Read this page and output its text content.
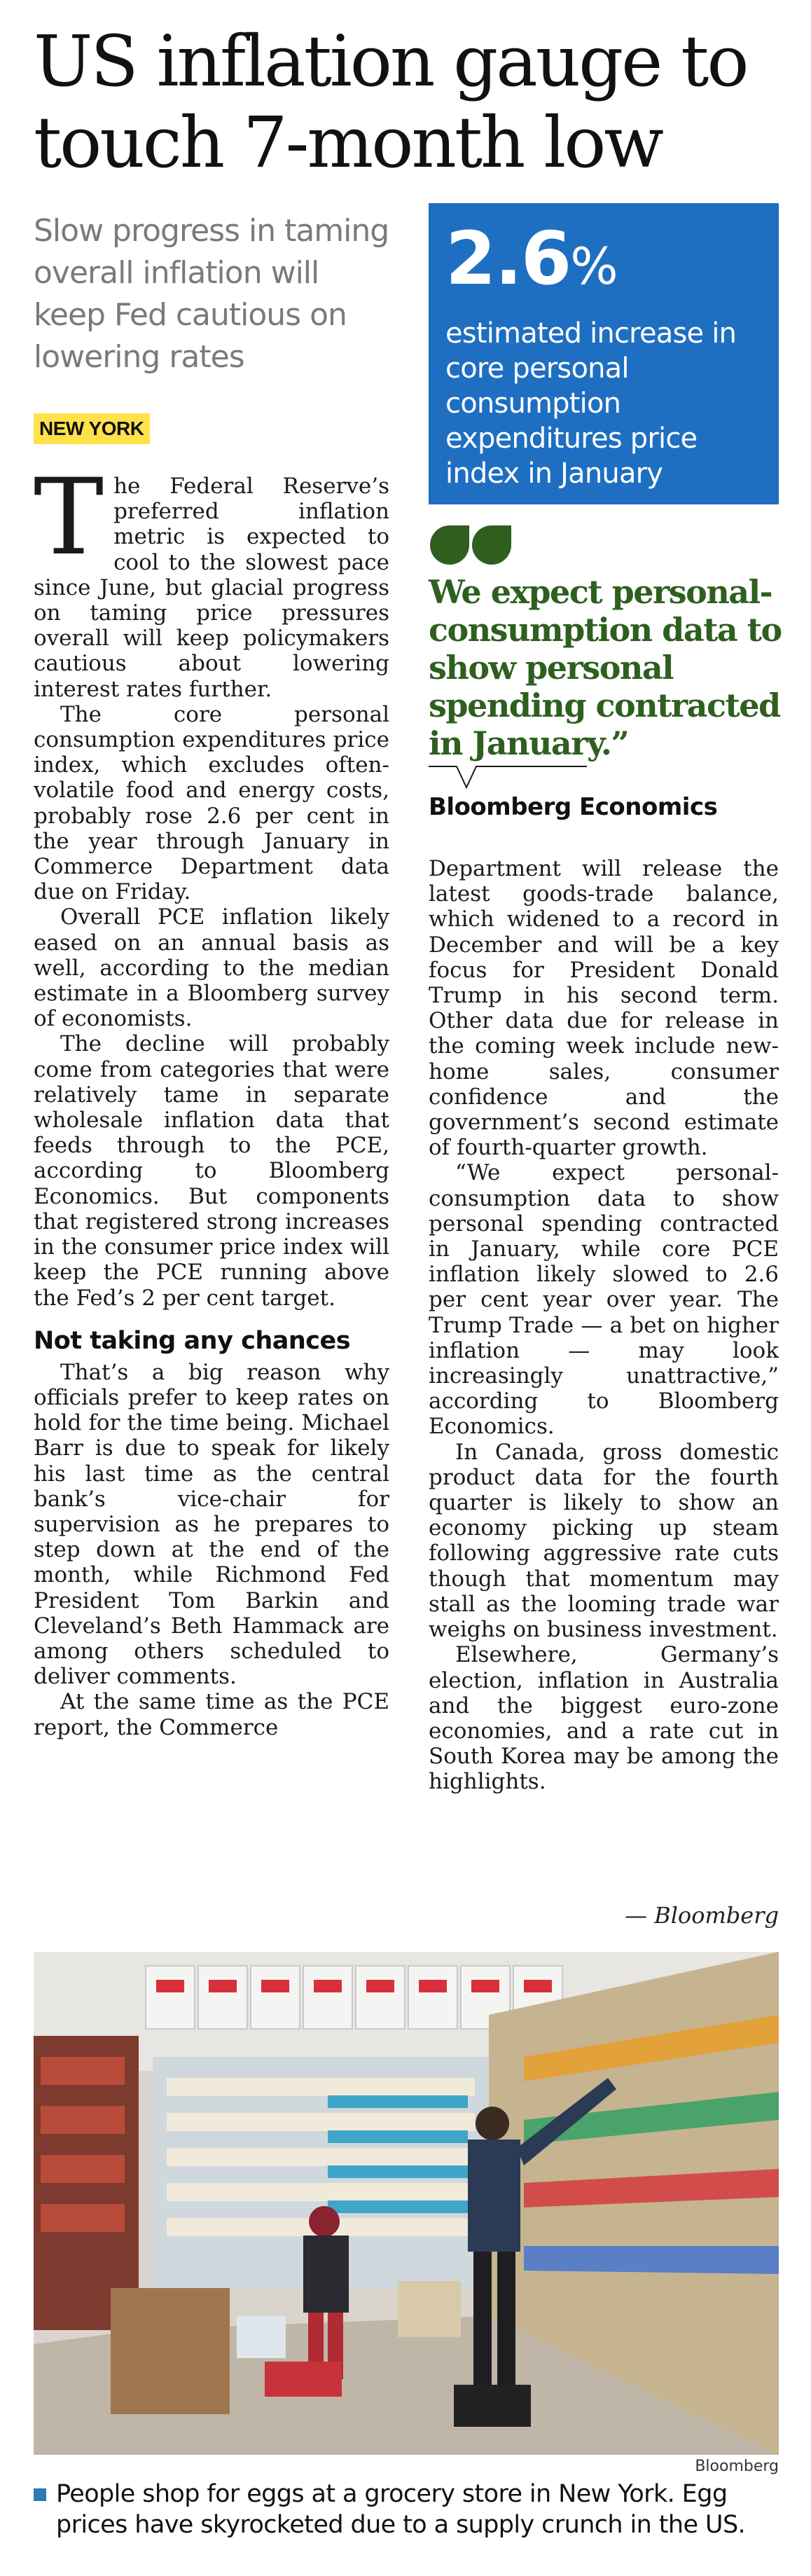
US inflation gauge to touch 7-month low

Slow progress in taming overall inflation will keep Fed cautious on lowering rates

NEW YORK
2.6%
estimated increase in core personal consumption expenditures price index in January

We expect personal-consumption data to show personal spending contracted in January.”

Bloomberg Economics

The Federal Reserve’s preferred inflation metric is expected to cool to the slowest pace since June, but glacial progress on taming price pressures overall will keep policymakers cautious about lowering interest rates further.

The core personal consumption expenditures price index, which excludes often-volatile food and energy costs, probably rose 2.6 per cent in the year through January in Commerce Department data due on Friday.

Overall PCE inflation likely eased on an annual basis as well, according to the median estimate in a Bloomberg survey of economists.

The decline will probably come from categories that were relatively tame in separate wholesale inflation data that feeds through to the PCE, according to Bloomberg Economics. But components that registered strong increases in the consumer price index will keep the PCE running above the Fed’s 2 per cent target.

Not taking any chances

That’s a big reason why officials prefer to keep rates on hold for the time being. Michael Barr is due to speak for likely his last time as the central bank’s vice-chair for supervision as he prepares to step down at the end of the month, while Richmond Fed President Tom Barkin and Cleveland’s Beth Hammack are among others scheduled to deliver comments.

At the same time as the PCE report, the Commerce

Department will release the latest goods-trade balance, which widened to a record in December and will be a key focus for President Donald Trump in his second term. Other data due for release in the coming week include new-home sales, consumer confidence and the government’s second estimate of fourth-quarter growth.

“We expect personal-consumption data to show personal spending contracted in January, while core PCE inflation likely slowed to 2.6 per cent year over year. The Trump Trade — a bet on higher inflation — may look increasingly unattractive,” according to Bloomberg Economics.

In Canada, gross domestic product data for the fourth quarter is likely to show an economy picking up steam following aggressive rate cuts though that momentum may stall as the looming trade war weighs on business investment.

Elsewhere, Germany’s election, inflation in Australia and the biggest euro-zone economies, and a rate cut in South Korea may be among the highlights.

— Bloomberg
Bloomberg

People shop for eggs at a grocery store in New York. Egg prices have skyrocketed due to a supply crunch in the US.
